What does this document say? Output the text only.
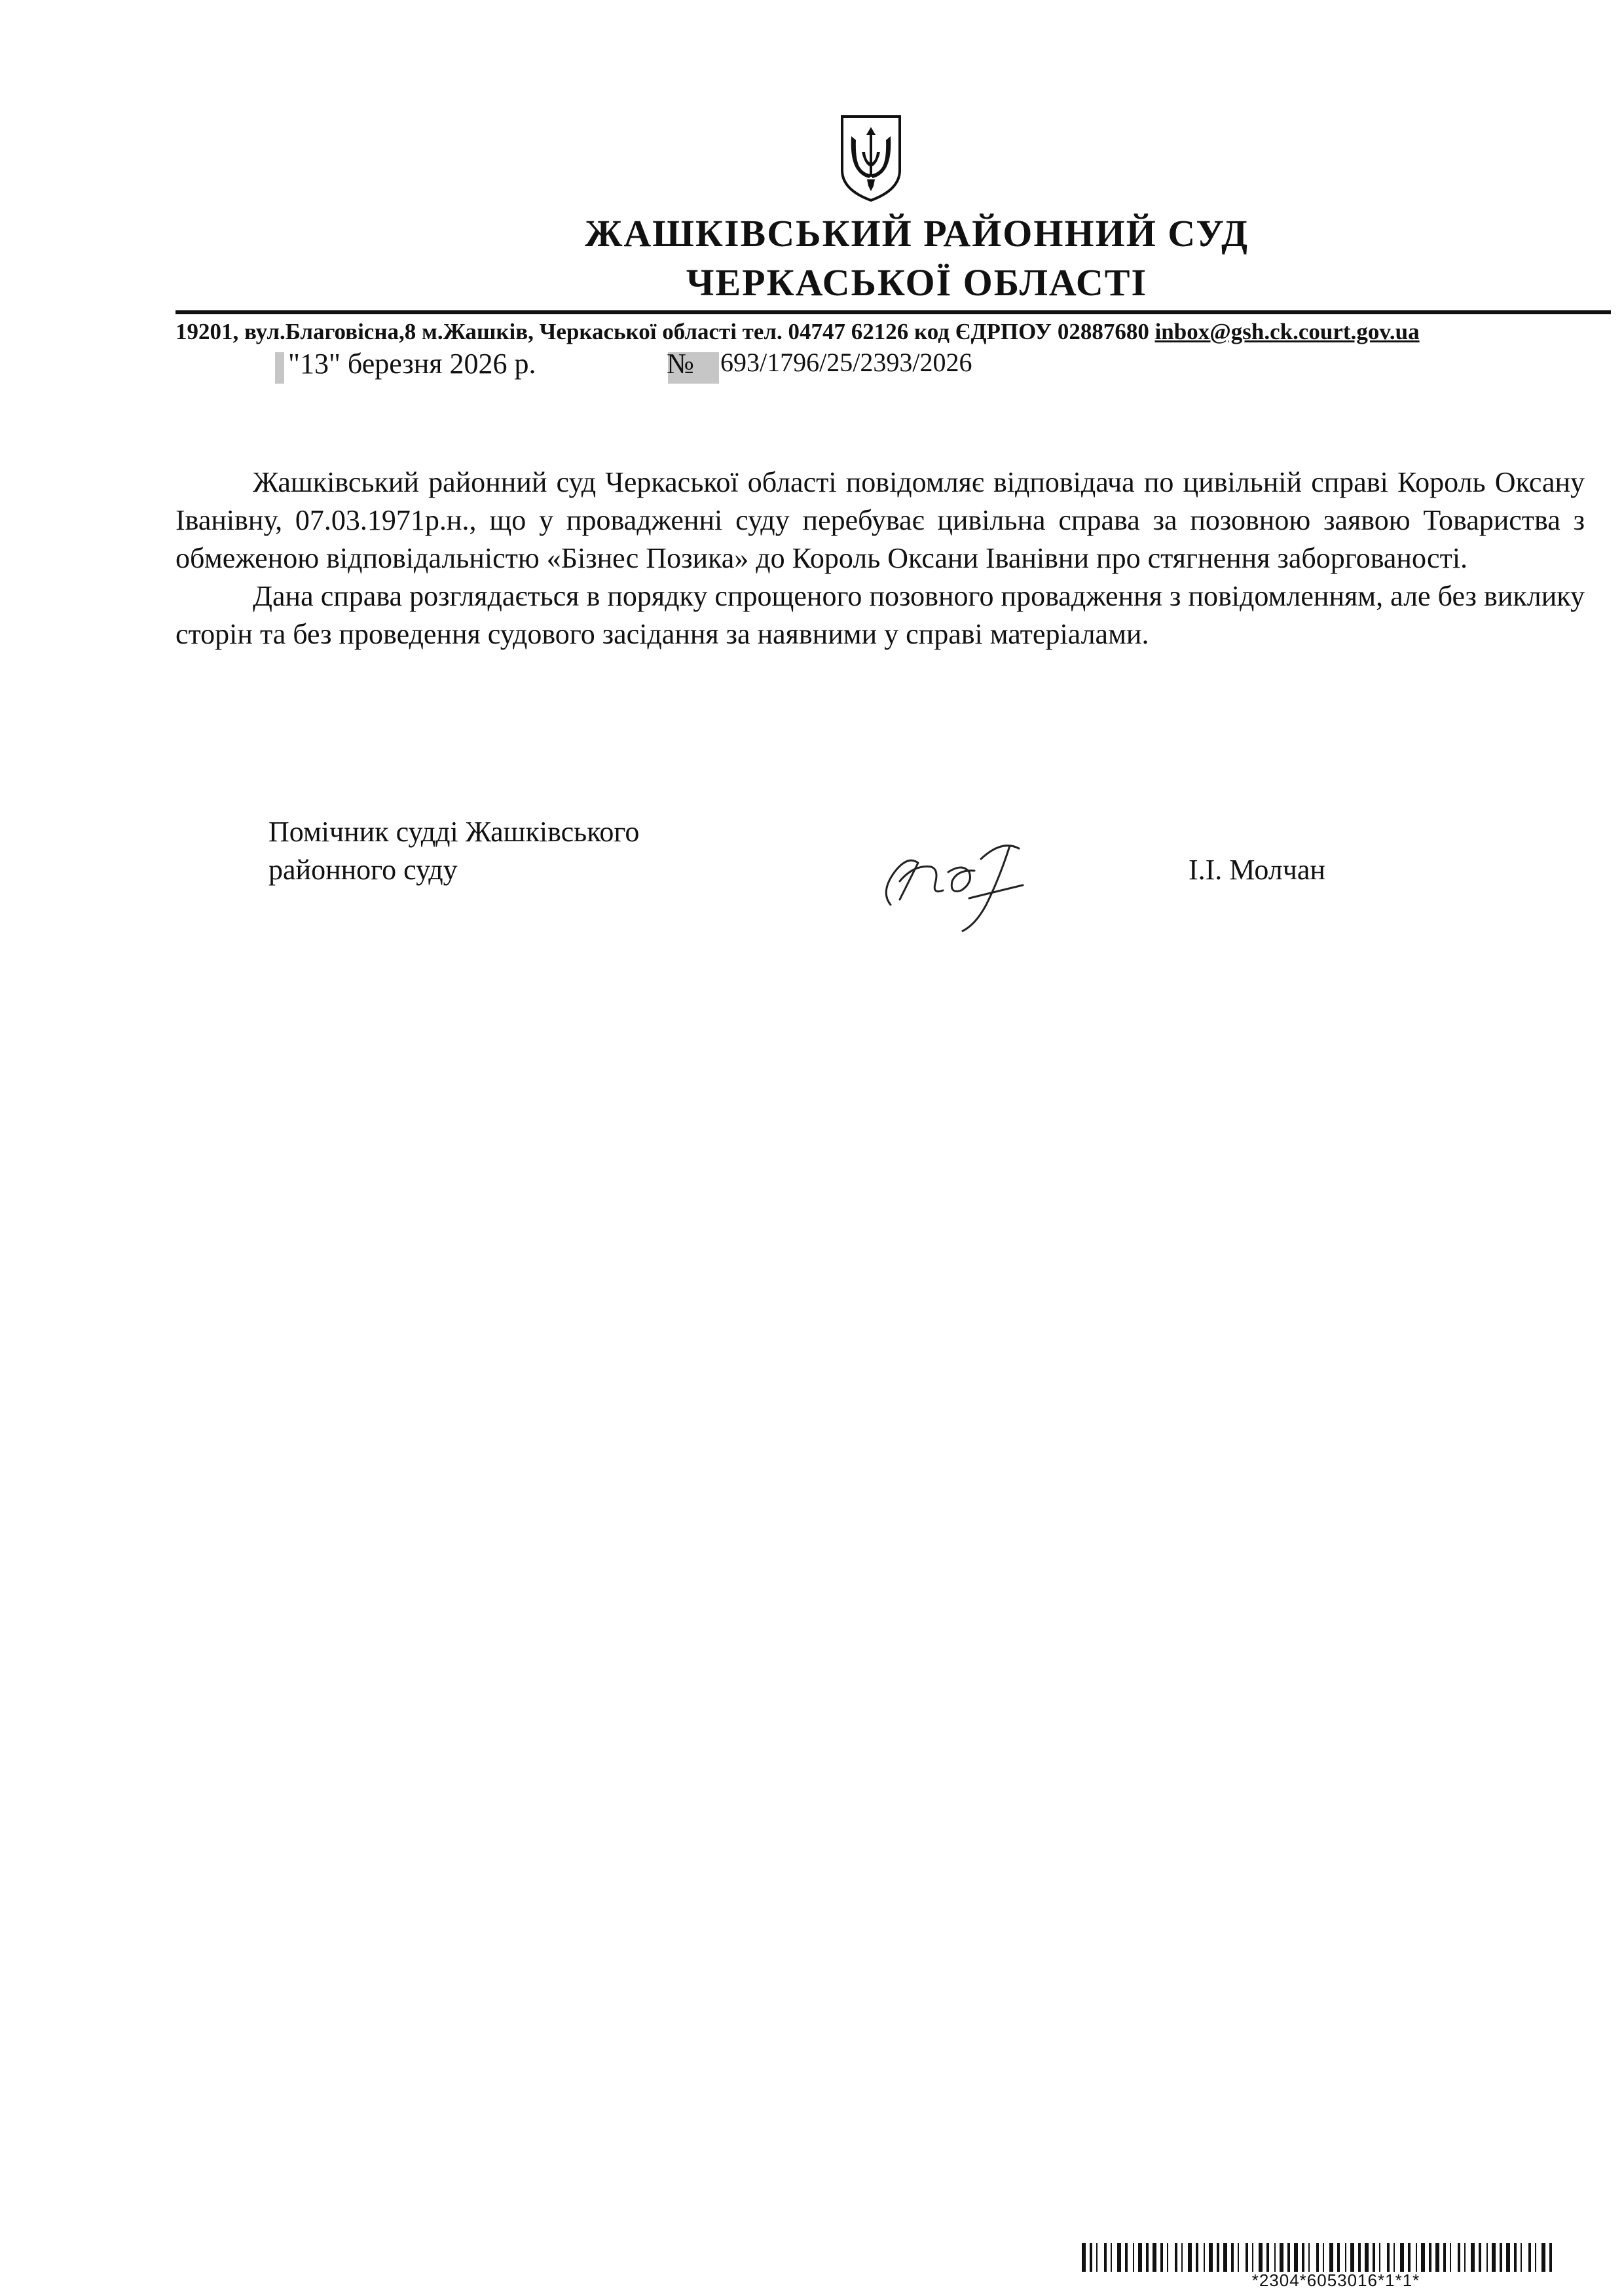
ЖАШКІВСЬКИЙ РАЙОННИЙ СУД
ЧЕРКАСЬКОЇ ОБЛАСТІ
19201, вул.Благовісна,8 м.Жашків, Черкаської області тел. 04747 62126 код ЄДРПОУ 02887680 inbox@gsh.ck.court.gov.ua
"13" березня 2026 р.	№ 693/1796/25/2393/2026

Жашківський районний суд Черкаської області повідомляє відповідача по цивільній справі Король Оксану Іванівну, 07.03.1971р.н., що у провадженні суду перебуває цивільна справа за позовною заявою Товариства з обмеженою відповідальністю «Бізнес Позика» до Король Оксани Іванівни про стягнення заборгованості.

Дана справа розглядається в порядку спрощеного позовного провадження з повідомленням, але без виклику сторін та без проведення судового засідання за наявними у справі матеріалами.

Помічник судді Жашківського
районного суду	І.І. Молчан
*2304*6053016*1*1*
